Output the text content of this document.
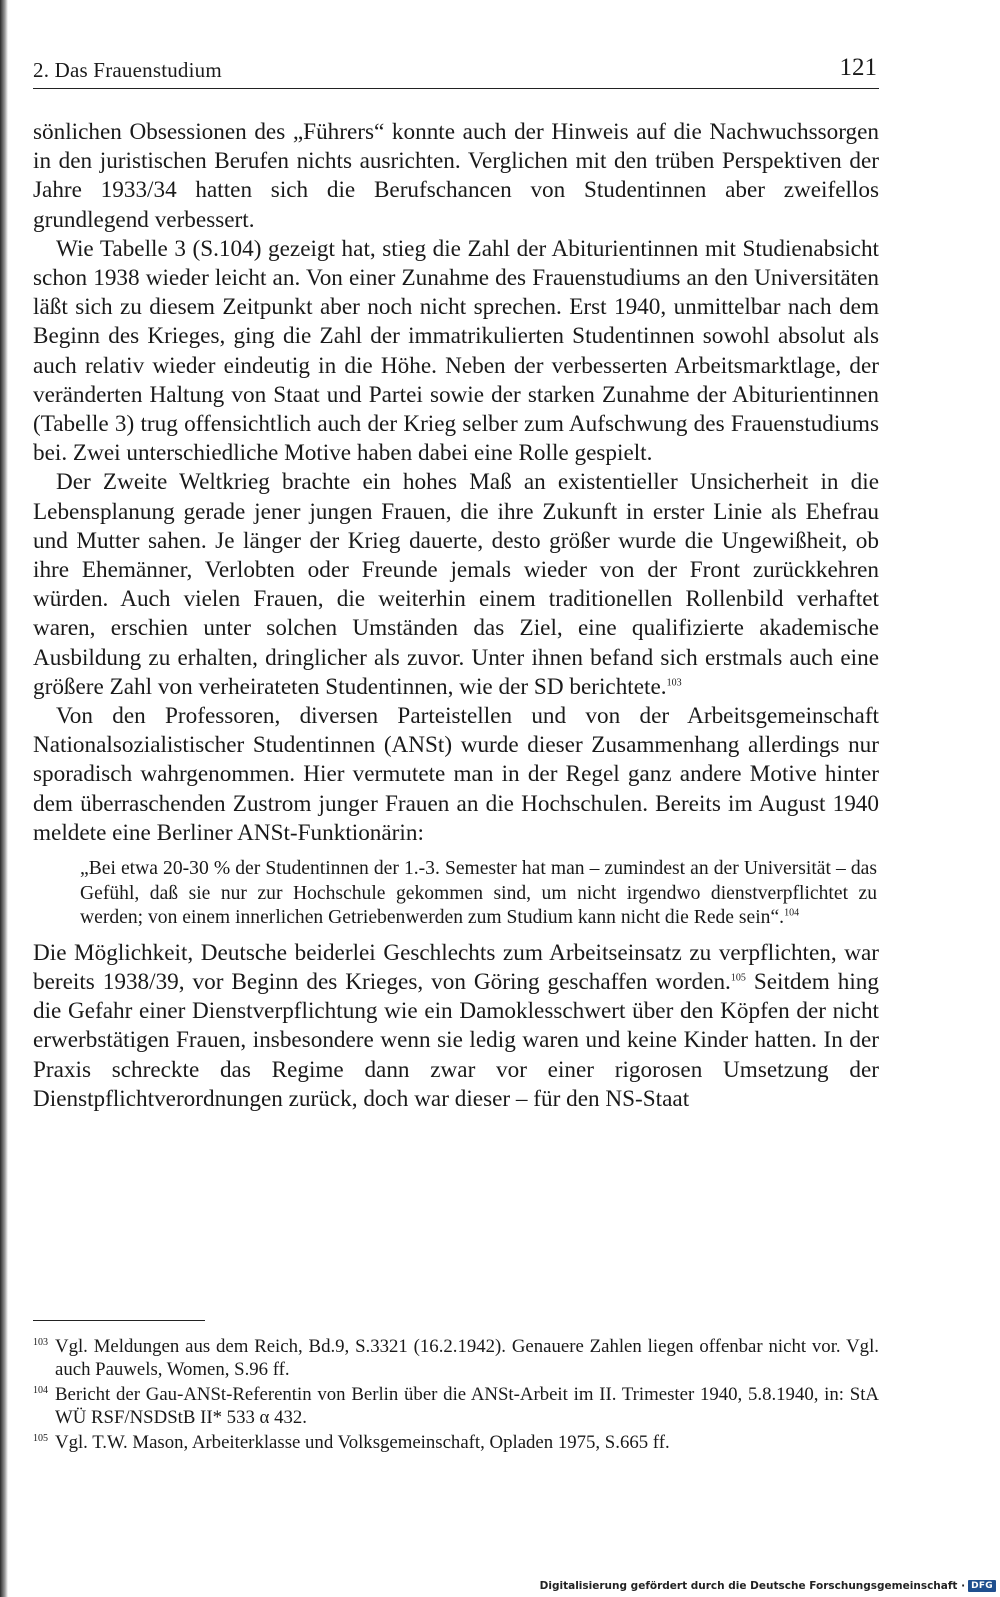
2. Das Frauenstudium	121

sönlichen Obsessionen des „Führers“ konnte auch der Hinweis auf die Nachwuchssorgen in den juristischen Berufen nichts ausrichten. Verglichen mit den trüben Perspektiven der Jahre 1933/34 hatten sich die Berufschancen von Studentinnen aber zweifellos grundlegend verbessert.

Wie Tabelle 3 (S.104) gezeigt hat, stieg die Zahl der Abiturientinnen mit Studienabsicht schon 1938 wieder leicht an. Von einer Zunahme des Frauenstudiums an den Universitäten läßt sich zu diesem Zeitpunkt aber noch nicht sprechen. Erst 1940, unmittelbar nach dem Beginn des Krieges, ging die Zahl der immatrikulierten Studentinnen sowohl absolut als auch relativ wieder eindeutig in die Höhe. Neben der verbesserten Arbeitsmarktlage, der veränderten Haltung von Staat und Partei sowie der starken Zunahme der Abiturientinnen (Tabelle 3) trug offensichtlich auch der Krieg selber zum Aufschwung des Frauenstudiums bei. Zwei unterschiedliche Motive haben dabei eine Rolle gespielt.

Der Zweite Weltkrieg brachte ein hohes Maß an existentieller Unsicherheit in die Lebensplanung gerade jener jungen Frauen, die ihre Zukunft in erster Linie als Ehefrau und Mutter sahen. Je länger der Krieg dauerte, desto größer wurde die Ungewißheit, ob ihre Ehemänner, Verlobten oder Freunde jemals wieder von der Front zurückkehren würden. Auch vielen Frauen, die weiterhin einem traditionellen Rollenbild verhaftet waren, erschien unter solchen Umständen das Ziel, eine qualifizierte akademische Ausbildung zu erhalten, dringlicher als zuvor. Unter ihnen befand sich erstmals auch eine größere Zahl von verheirateten Studentinnen, wie der SD berichtete.$^{103}$

Von den Professoren, diversen Parteistellen und von der Arbeitsgemeinschaft Nationalsozialistischer Studentinnen (ANSt) wurde dieser Zusammenhang allerdings nur sporadisch wahrgenommen. Hier vermutete man in der Regel ganz andere Motive hinter dem überraschenden Zustrom junger Frauen an die Hochschulen. Bereits im August 1940 meldete eine Berliner ANSt-Funktionärin:

„Bei etwa 20-30 % der Studentinnen der 1.-3. Semester hat man – zumindest an der Universität – das Gefühl, daß sie nur zur Hochschule gekommen sind, um nicht irgendwo dienstverpflichtet zu werden; von einem innerlichen Getriebenwerden zum Studium kann nicht die Rede sein“.$^{104}$

Die Möglichkeit, Deutsche beiderlei Geschlechts zum Arbeitseinsatz zu verpflichten, war bereits 1938/39, vor Beginn des Krieges, von Göring geschaffen worden.$^{105}$ Seitdem hing die Gefahr einer Dienstverpflichtung wie ein Damoklesschwert über den Köpfen der nicht erwerbstätigen Frauen, insbesondere wenn sie ledig waren und keine Kinder hatten. In der Praxis schreckte das Regime dann zwar vor einer rigorosen Umsetzung der Dienstpflichtverordnungen zurück, doch war dieser – für den NS-Staat

103 Vgl. Meldungen aus dem Reich, Bd.9, S.3321 (16.2.1942). Genauere Zahlen liegen offenbar nicht vor. Vgl. auch Pauwels, Women, S.96 ff.
104 Bericht der Gau-ANSt-Referentin von Berlin über die ANSt-Arbeit im II. Trimester 1940, 5.8.1940, in: StA WÜ RSF/NSDStB II* 533 α 432.
105 Vgl. T.W. Mason, Arbeiterklasse und Volksgemeinschaft, Opladen 1975, S.665 ff.
Digitalisierung gefördert durch die Deutsche Forschungsgemeinschaft · DFG
